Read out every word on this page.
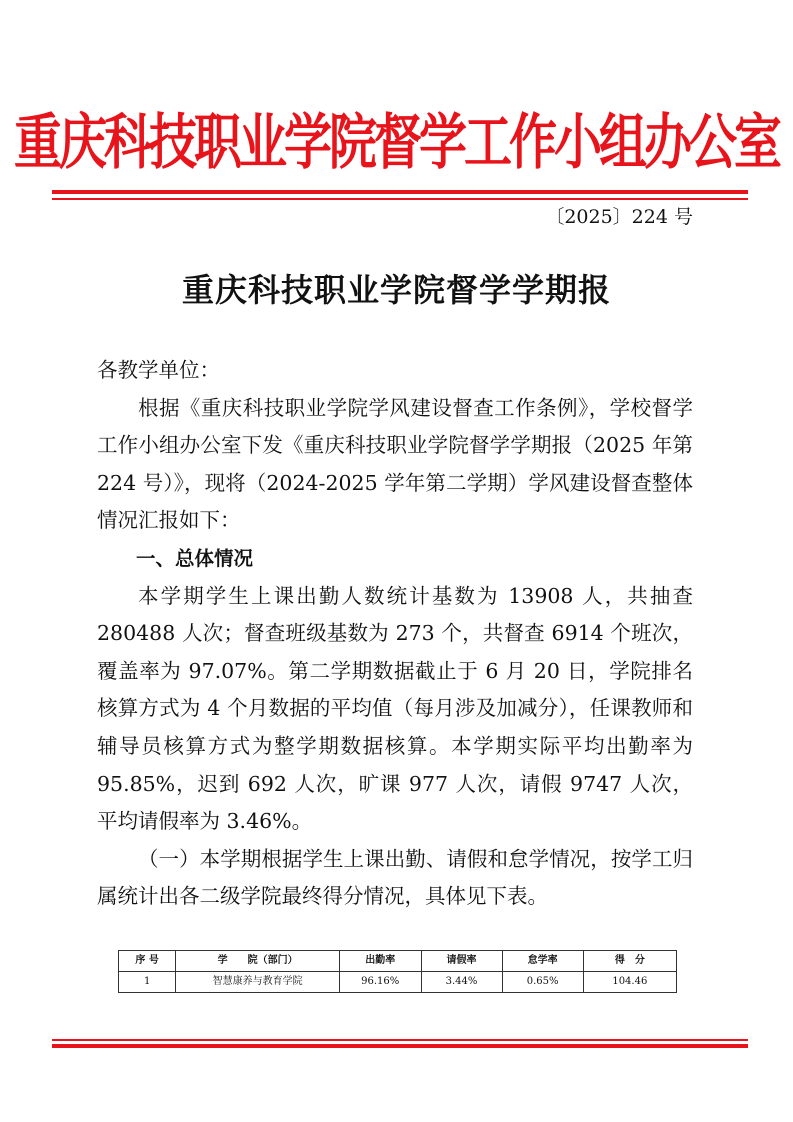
重庆科技职业学院督学工作小组办公室
〔2025〕224 号
重庆科技职业学院督学学期报

各教学单位：

根据《重庆科技职业学院学风建设督查工作条例》，学校督学工作小组办公室下发《重庆科技职业学院督学学期报（2025 年第 224 号）》，现将（2024-2025 学年第二学期）学风建设督查整体情况汇报如下：

一、总体情况

本学期学生上课出勤人数统计基数为 13908 人，共抽查 280488 人次；督查班级基数为 273 个，共督查 6914 个班次，覆盖率为 97.07%。第二学期数据截止于 6 月 20 日，学院排名核算方式为 4 个月数据的平均值（每月涉及加减分），任课教师和辅导员核算方式为整学期数据核算。本学期实际平均出勤率为 95.85%，迟到 692 人次，旷课 977 人次，请假 9747 人次，平均请假率为 3.46%。

（一）本学期根据学生上课出勤、请假和怠学情况，按学工归属统计出各二级学院最终得分情况，具体见下表。

序 号	学　　院（部门）	出勤率	请假率	怠学率	得　分
1	智慧康养与教育学院	96.16%	3.44%	0.65%	104.46
